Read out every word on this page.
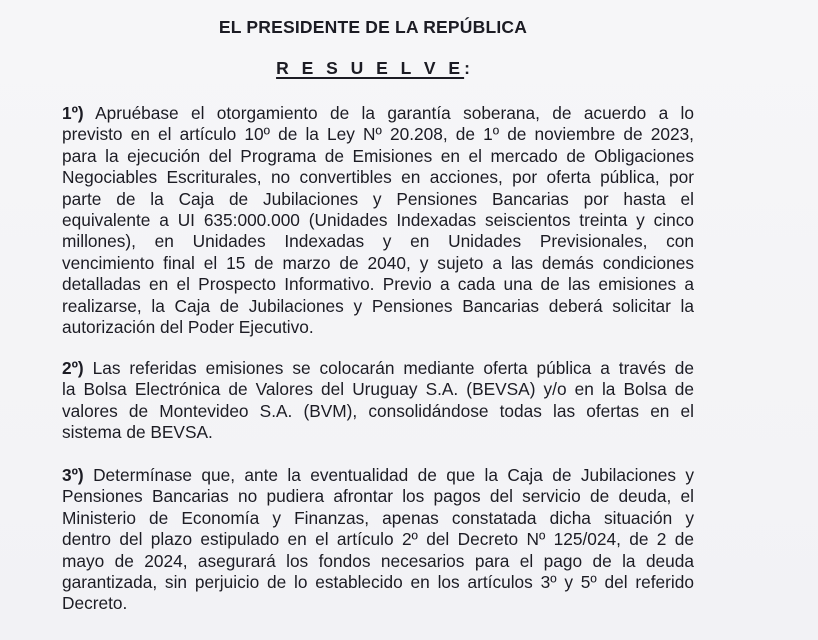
EL PRESIDENTE DE LA REPÚBLICA
R E S U E L V E:
1º) Apruébase el otorgamiento de la garantía soberana, de acuerdo a lo
previsto en el artículo 10º de la Ley Nº 20.208, de 1º de noviembre de 2023,
para la ejecución del Programa de Emisiones en el mercado de Obligaciones
Negociables Escriturales, no convertibles en acciones, por oferta pública, por
parte de la Caja de Jubilaciones y Pensiones Bancarias por hasta el
equivalente a UI 635:000.000 (Unidades Indexadas seiscientos treinta y cinco
millones), en Unidades Indexadas y en Unidades Previsionales, con
vencimiento final el 15 de marzo de 2040, y sujeto a las demás condiciones
detalladas en el Prospecto Informativo. Previo a cada una de las emisiones a
realizarse, la Caja de Jubilaciones y Pensiones Bancarias deberá solicitar la
autorización del Poder Ejecutivo.
2º) Las referidas emisiones se colocarán mediante oferta pública a través de
la Bolsa Electrónica de Valores del Uruguay S.A. (BEVSA) y/o en la Bolsa de
valores de Montevideo S.A. (BVM), consolidándose todas las ofertas en el
sistema de BEVSA.
3º) Determínase que, ante la eventualidad de que la Caja de Jubilaciones y
Pensiones Bancarias no pudiera afrontar los pagos del servicio de deuda, el
Ministerio de Economía y Finanzas, apenas constatada dicha situación y
dentro del plazo estipulado en el artículo 2º del Decreto Nº 125/024, de 2 de
mayo de 2024, asegurará los fondos necesarios para el pago de la deuda
garantizada, sin perjuicio de lo establecido en los artículos 3º y 5º del referido
Decreto.
